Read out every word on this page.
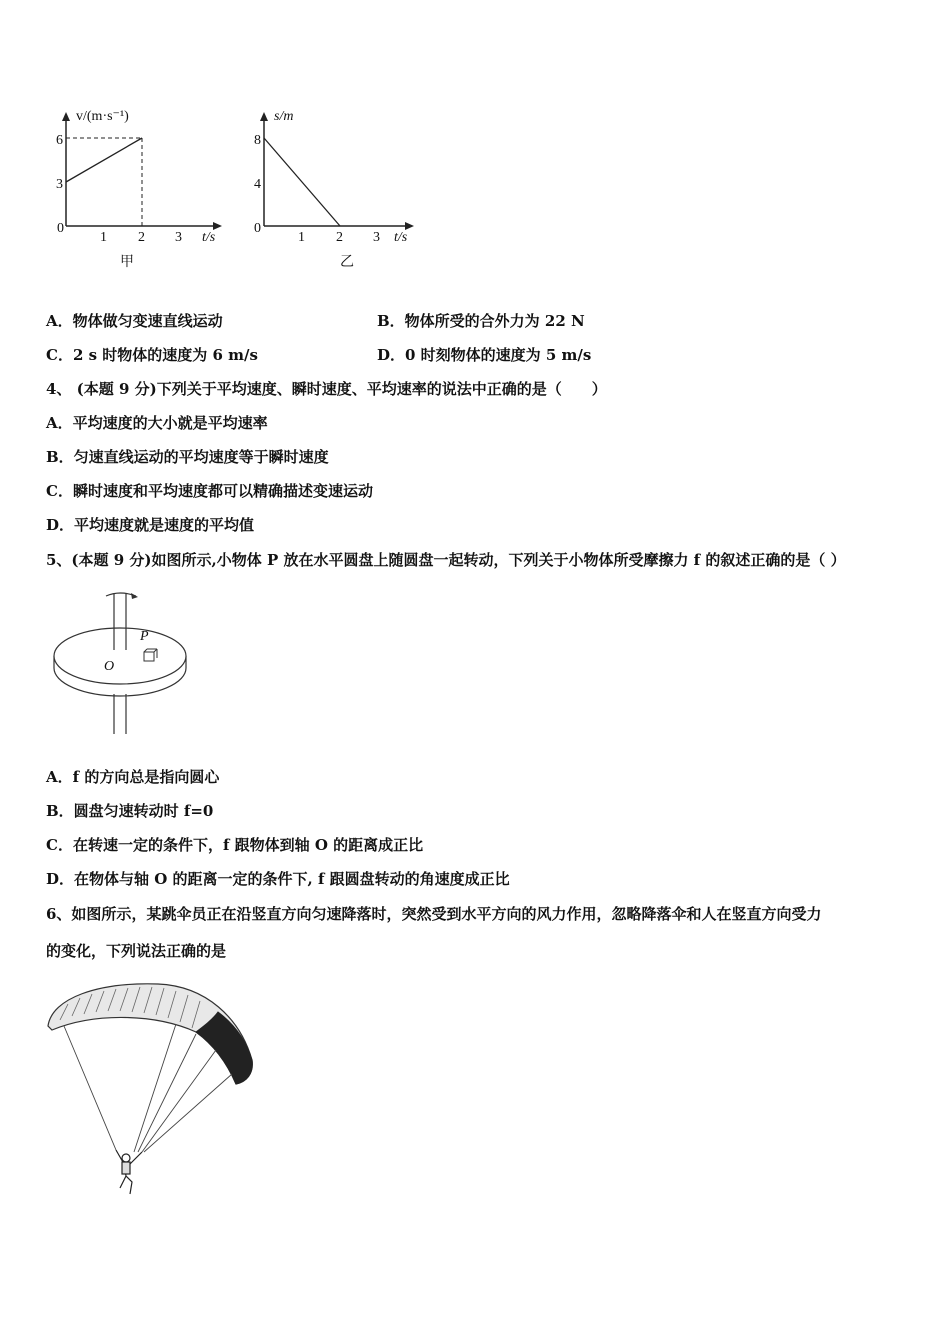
v/(m·s⁻¹)
0
3
6
1 2 3 t/s
甲
s/m
0
4
8
1 2 3 t/s
乙
A．物体做匀变速直线运动	B．物体所受的合外力为 22 N
C．2 s 时物体的速度为 6 m/s	D．0 时刻物体的速度为 5 m/s
4、 (本题 9 分)下列关于平均速度、瞬时速度、平均速率的说法中正确的是（　　）
A．平均速度的大小就是平均速率
B．匀速直线运动的平均速度等于瞬时速度
C．瞬时速度和平均速度都可以精确描述变速运动
D．平均速度就是速度的平均值
5、(本题 9 分)如图所示,小物体 P 放在水平圆盘上随圆盘一起转动，下列关于小物体所受摩擦力 f 的叙述正确的是（ ）
P
O
A．f 的方向总是指向圆心
B．圆盘匀速转动时 f=0
C．在转速一定的条件下，f 跟物体到轴 O 的距离成正比
D．在物体与轴 O 的距离一定的条件下, f 跟圆盘转动的角速度成正比
6、如图所示，某跳伞员正在沿竖直方向匀速降落时，突然受到水平方向的风力作用，忽略降落伞和人在竖直方向受力
的变化，下列说法正确的是
